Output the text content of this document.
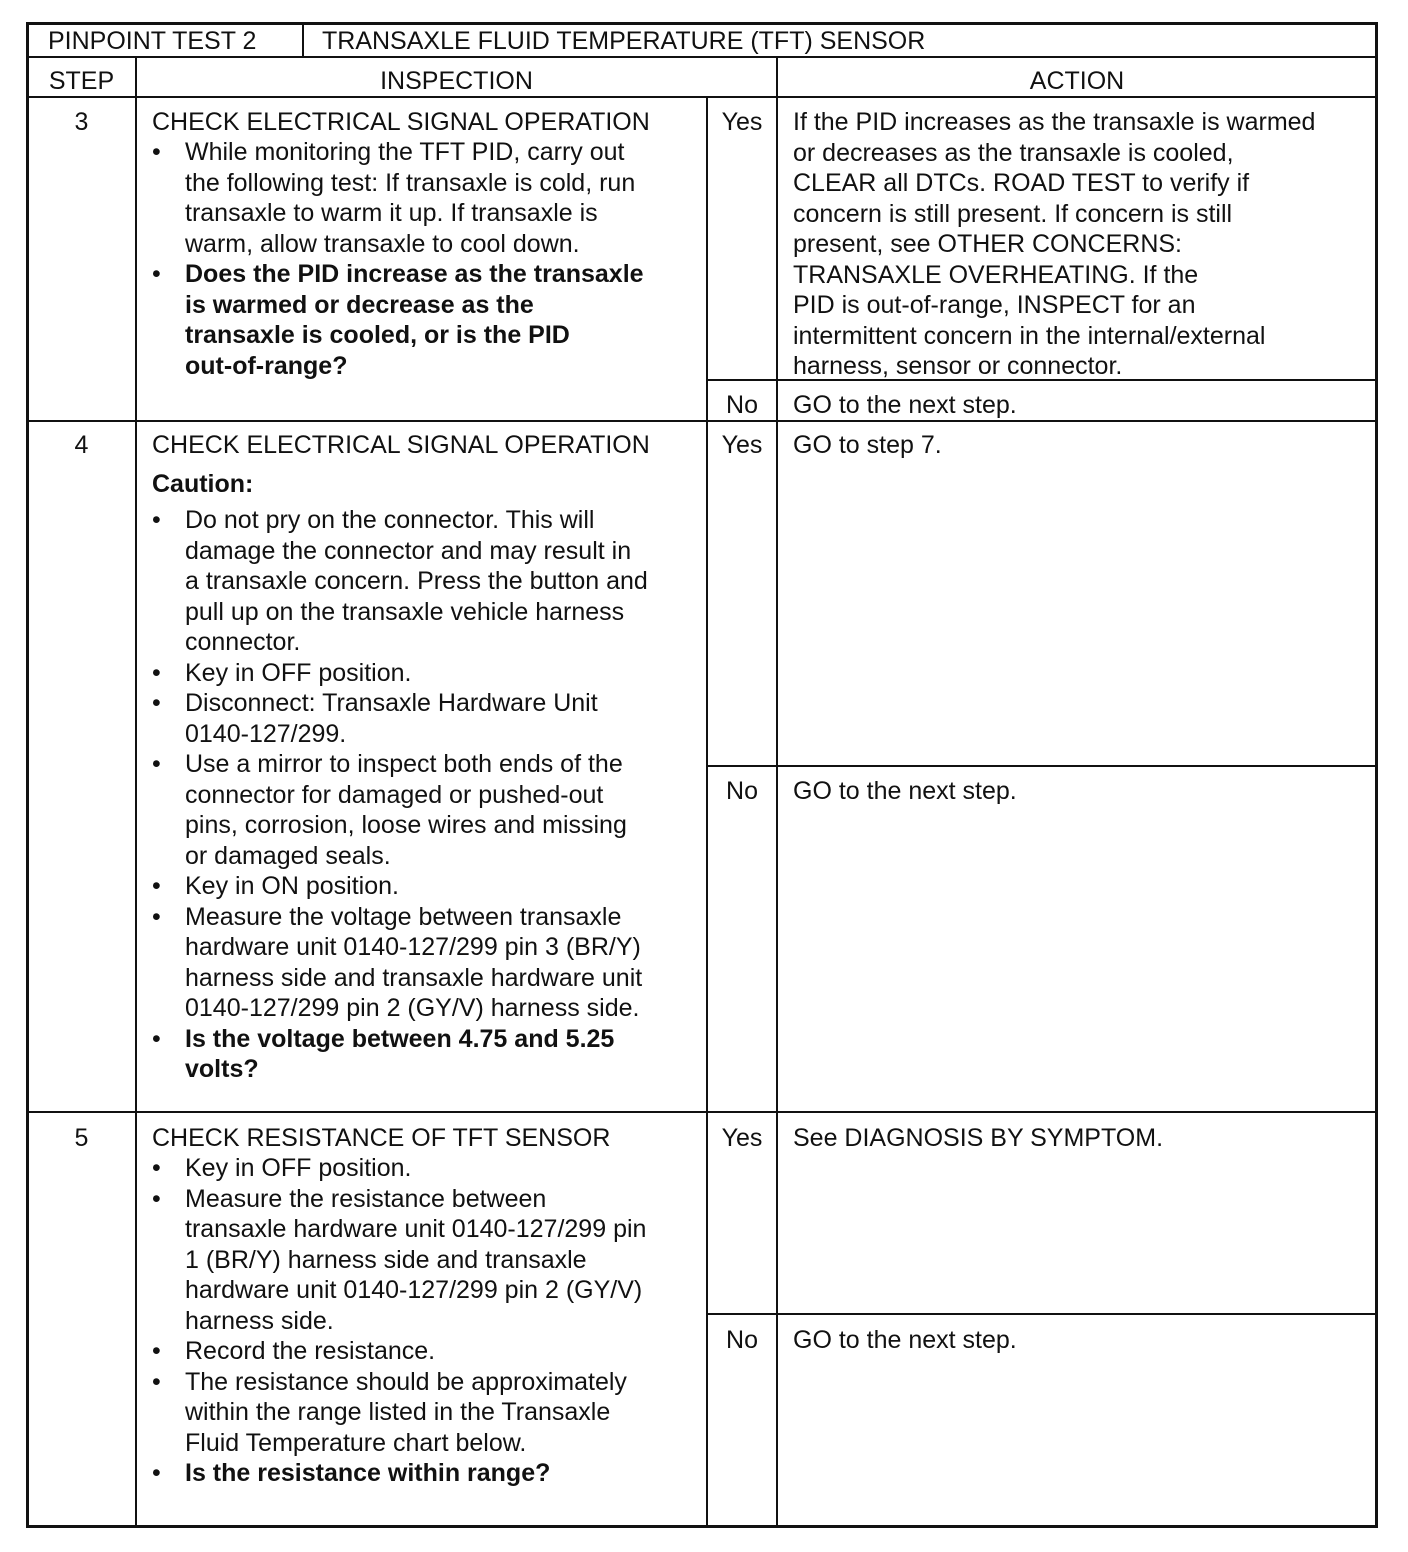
PINPOINT TEST 2	TRANSAXLE FLUID TEMPERATURE (TFT) SENSOR
STEP	INSPECTION	ACTION
3	CHECK ELECTRICAL SIGNAL OPERATION
• While monitoring the TFT PID, carry out
the following test: If transaxle is cold, run
transaxle to warm it up. If transaxle is
warm, allow transaxle to cool down.
• Does the PID increase as the transaxle
is warmed or decrease as the
transaxle is cooled, or is the PID
out-of-range?
Yes	If the PID increases as the transaxle is warmed
or decreases as the transaxle is cooled,
CLEAR all DTCs. ROAD TEST to verify if
concern is still present. If concern is still
present, see OTHER CONCERNS:
TRANSAXLE OVERHEATING. If the
PID is out-of-range, INSPECT for an
intermittent concern in the internal/external
harness, sensor or connector.
No	GO to the next step.
4	CHECK ELECTRICAL SIGNAL OPERATION
Caution:
• Do not pry on the connector. This will
damage the connector and may result in
a transaxle concern. Press the button and
pull up on the transaxle vehicle harness
connector.
• Key in OFF position.
• Disconnect: Transaxle Hardware Unit
0140-127/299.
• Use a mirror to inspect both ends of the
connector for damaged or pushed-out
pins, corrosion, loose wires and missing
or damaged seals.
• Key in ON position.
• Measure the voltage between transaxle
hardware unit 0140-127/299 pin 3 (BR/Y)
harness side and transaxle hardware unit
0140-127/299 pin 2 (GY/V) harness side.
• Is the voltage between 4.75 and 5.25
volts?
Yes	GO to step 7.
No	GO to the next step.
5	CHECK RESISTANCE OF TFT SENSOR
• Key in OFF position.
• Measure the resistance between
transaxle hardware unit 0140-127/299 pin
1 (BR/Y) harness side and transaxle
hardware unit 0140-127/299 pin 2 (GY/V)
harness side.
• Record the resistance.
• The resistance should be approximately
within the range listed in the Transaxle
Fluid Temperature chart below.
• Is the resistance within range?
Yes	See DIAGNOSIS BY SYMPTOM.
No	GO to the next step.
